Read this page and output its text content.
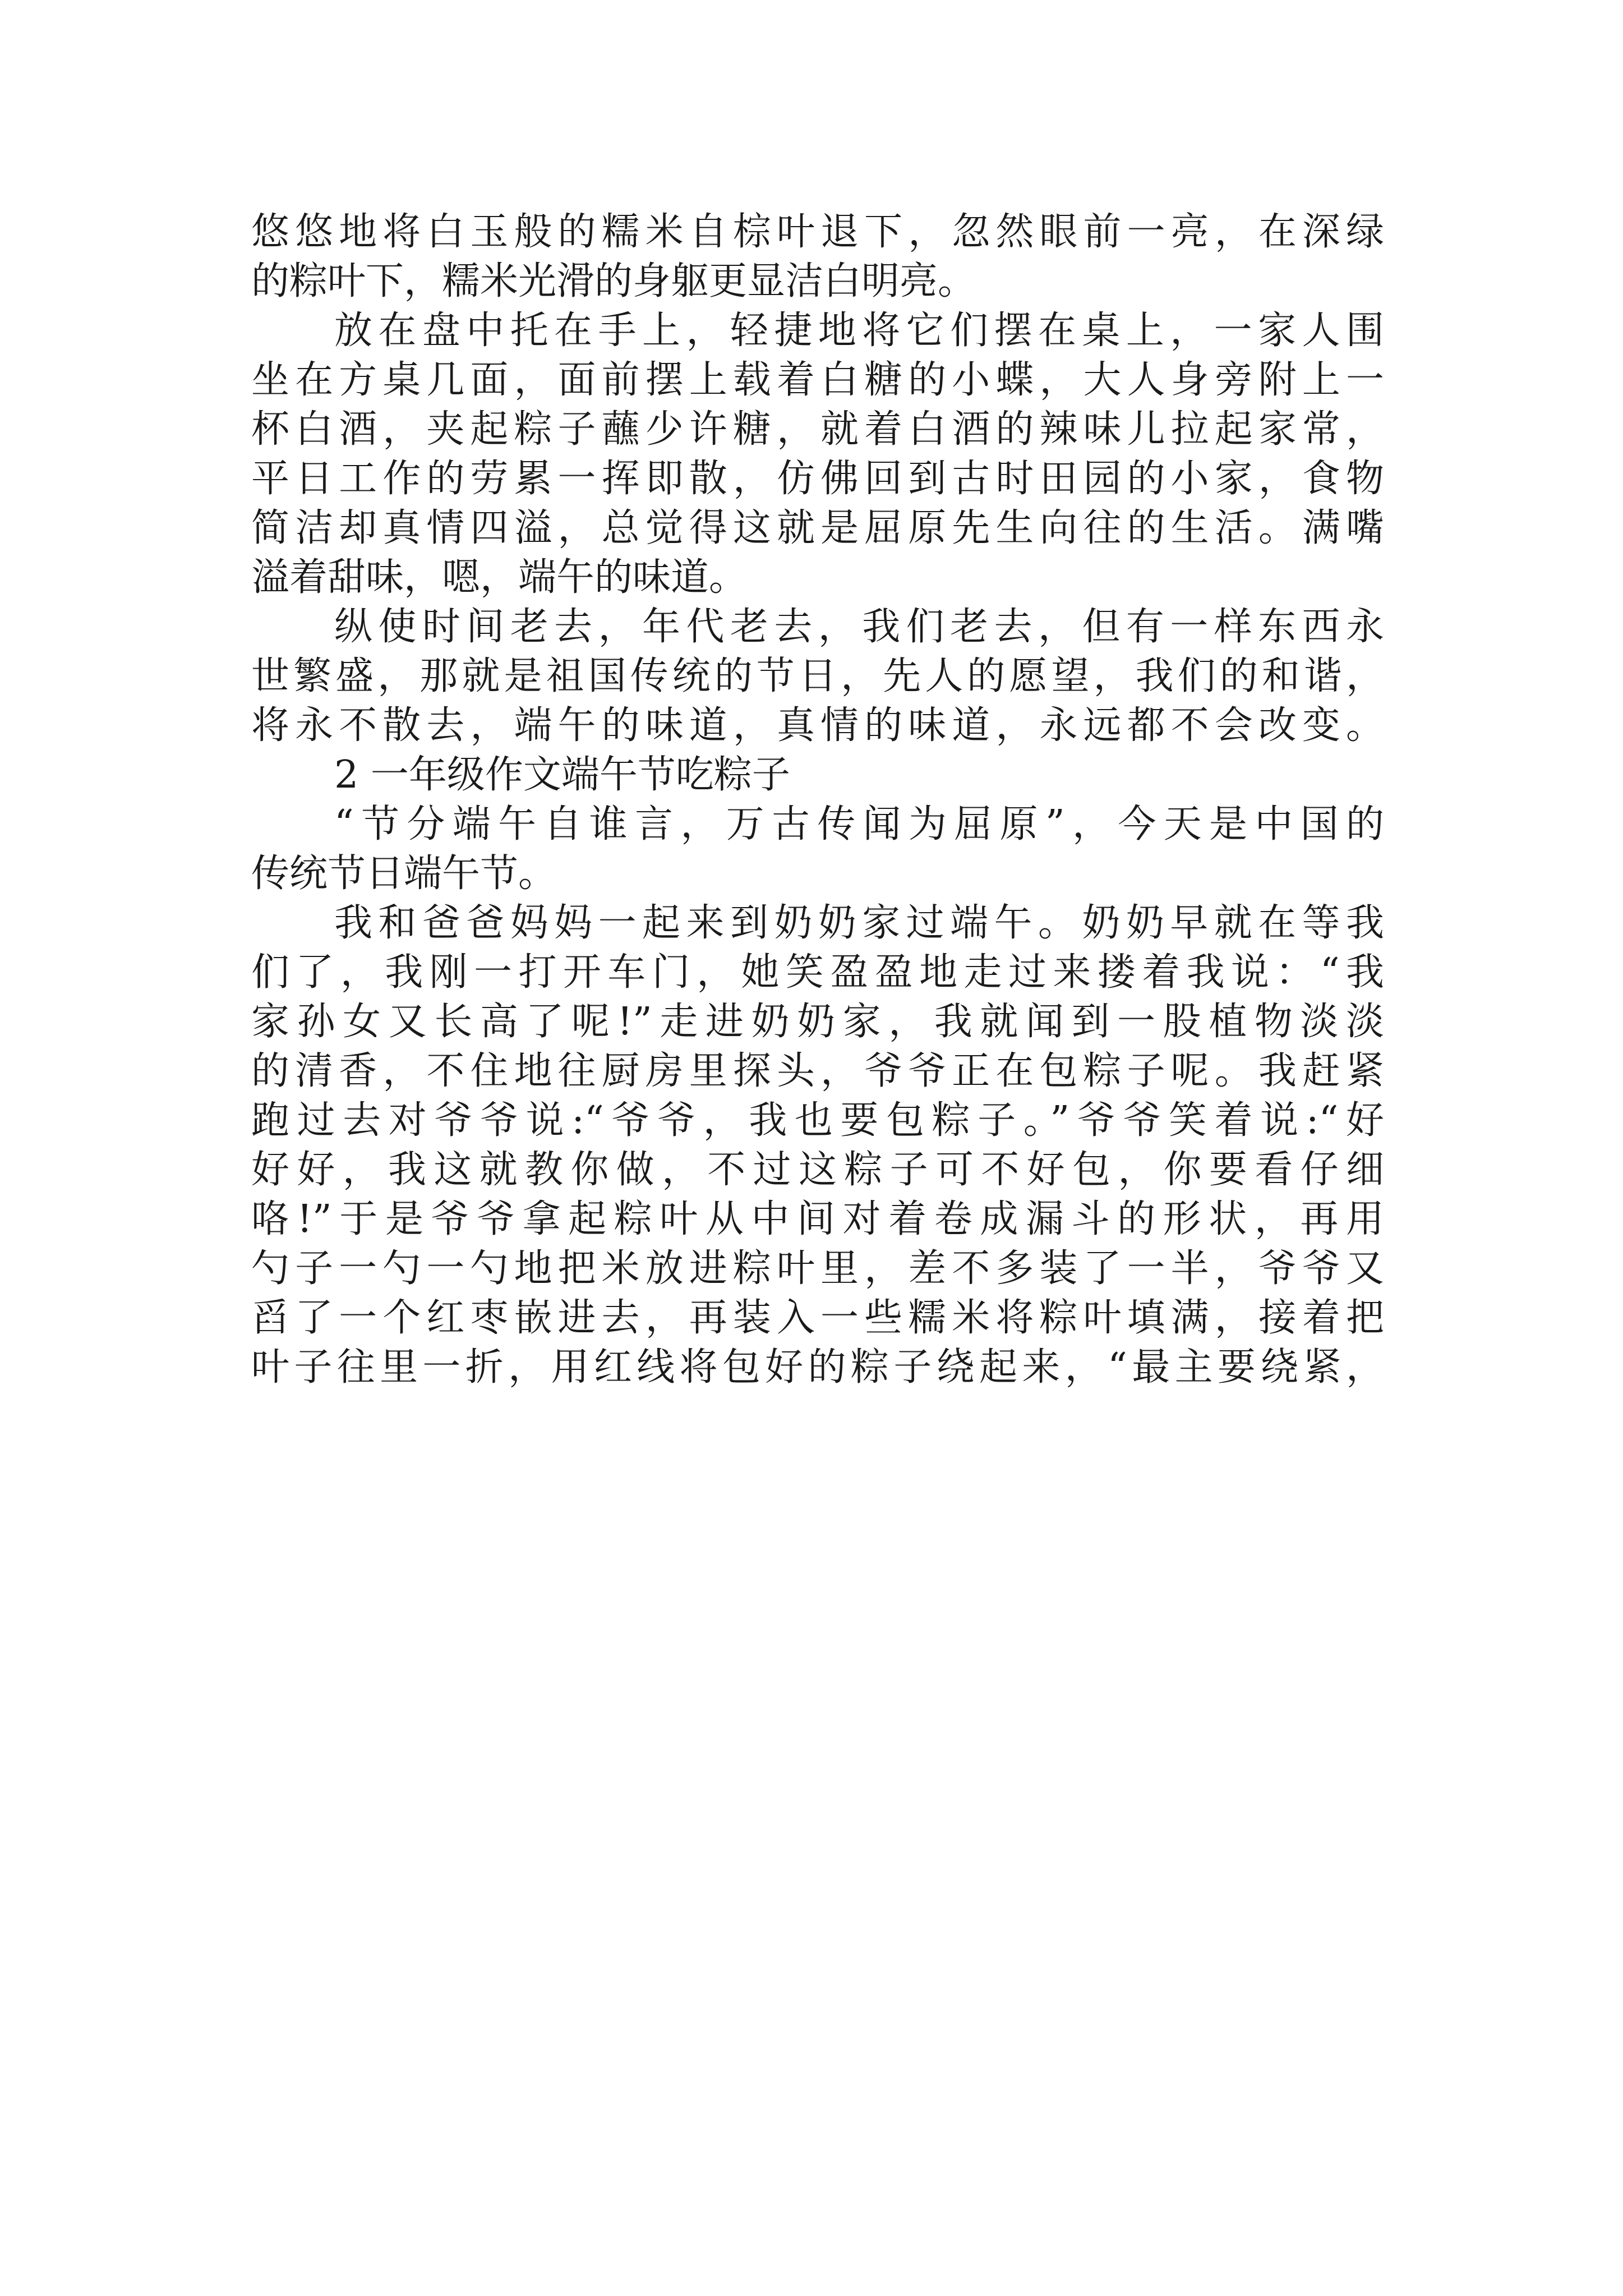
悠悠地将白玉般的糯米自棕叶退下，忽然眼前一亮，在深绿
的粽叶下，糯米光滑的身躯更显洁白明亮。
放在盘中托在手上，轻捷地将它们摆在桌上，一家人围
坐在方桌几面，面前摆上载着白糖的小蝶，大人身旁附上一
杯白酒，夹起粽子蘸少许糖，就着白酒的辣味儿拉起家常，
平日工作的劳累一挥即散，仿佛回到古时田园的小家，食物
简洁却真情四溢，总觉得这就是屈原先生向往的生活。满嘴
溢着甜味，嗯，端午的味道。
纵使时间老去，年代老去，我们老去，但有一样东西永
世繁盛，那就是祖国传统的节日，先人的愿望，我们的和谐，
将永不散去，端午的味道，真情的味道，永远都不会改变。
2 一年级作文端午节吃粽子
“节分端午自谁言，万古传闻为屈原”，今天是中国的
传统节日端午节。
我和爸爸妈妈一起来到奶奶家过端午。奶奶早就在等我
们了，我刚一打开车门，她笑盈盈地走过来搂着我说：“我
家孙女又长高了呢!”走进奶奶家，我就闻到一股植物淡淡
的清香，不住地往厨房里探头，爷爷正在包粽子呢。我赶紧
跑过去对爷爷说:“爷爷，我也要包粽子。”爷爷笑着说:“好
好好，我这就教你做，不过这粽子可不好包，你要看仔细
咯!”于是爷爷拿起粽叶从中间对着卷成漏斗的形状，再用
勺子一勺一勺地把米放进粽叶里，差不多装了一半，爷爷又
舀了一个红枣嵌进去，再装入一些糯米将粽叶填满，接着把
叶子往里一折，用红线将包好的粽子绕起来，“最主要绕紧，
